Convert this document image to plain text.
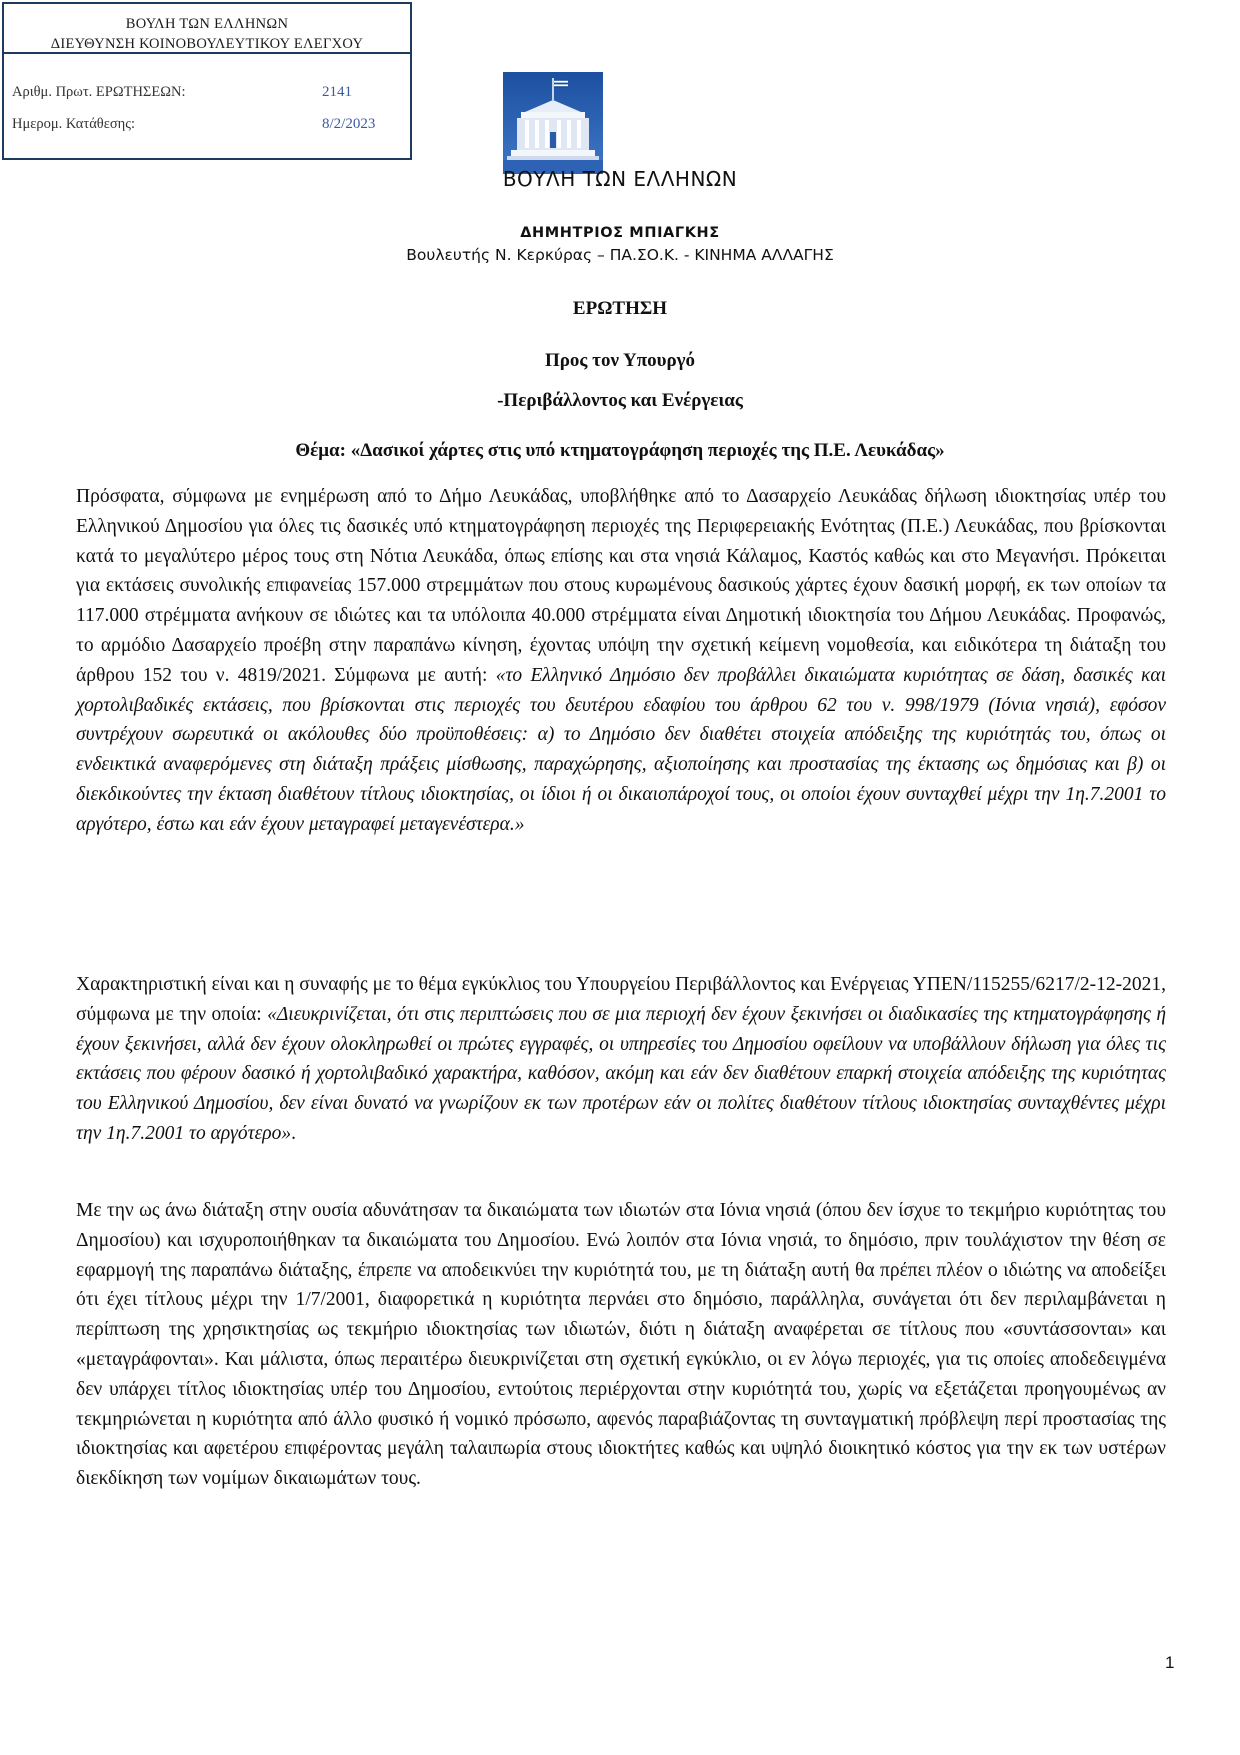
ΒΟΥΛΗ ΤΩΝ ΕΛΛΗΝΩΝ
ΔΙΕΥΘΥΝΣΗ ΚΟΙΝΟΒΟΥΛΕΥΤΙΚΟΥ ΕΛΕΓΧΟΥ
Αριθμ. Πρωτ. ΕΡΩΤΗΣΕΩΝ:	2141
Ημερομ. Κατάθεσης:	8/2/2023
ΒΟΥΛΗ ΤΩΝ ΕΛΛΗΝΩΝ
ΔΗΜΗΤΡΙΟΣ ΜΠΙΑΓΚΗΣ
Βουλευτής Ν. Κερκύρας – ΠΑ.ΣΟ.Κ. - ΚΙΝΗΜΑ ΑΛΛΑΓΗΣ
ΕΡΩΤΗΣΗ
Προς τον Υπουργό
-Περιβάλλοντος και Ενέργειας
Θέμα: «Δασικοί χάρτες στις υπό κτηματογράφηση περιοχές της Π.Ε. Λευκάδας»

Πρόσφατα, σύμφωνα με ενημέρωση από το Δήμο Λευκάδας, υποβλήθηκε από το Δασαρχείο Λευκάδας δήλωση ιδιοκτησίας υπέρ του Ελληνικού Δημοσίου για όλες τις δασικές υπό κτηματογράφηση περιοχές της Περιφερειακής Ενότητας (Π.Ε.) Λευκάδας, που βρίσκονται κατά το μεγαλύτερο μέρος τους στη Νότια Λευκάδα, όπως επίσης και στα νησιά Κάλαμος, Καστός καθώς και στο Μεγανήσι. Πρόκειται για εκτάσεις συνολικής επιφανείας 157.000 στρεμμάτων που στους κυρωμένους δασικούς χάρτες έχουν δασική μορφή, εκ των οποίων τα 117.000 στρέμματα ανήκουν σε ιδιώτες και τα υπόλοιπα 40.000 στρέμματα είναι Δημοτική ιδιοκτησία του Δήμου Λευκάδας. Προφανώς, το αρμόδιο Δασαρχείο προέβη στην παραπάνω κίνηση, έχοντας υπόψη την σχετική κείμενη νομοθεσία, και ειδικότερα τη διάταξη του άρθρου 152 του ν. 4819/2021. Σύμφωνα με αυτή: «το Ελληνικό Δημόσιο δεν προβάλλει δικαιώματα κυριότητας σε δάση, δασικές και χορτολιβαδικές εκτάσεις, που βρίσκονται στις περιοχές του δευτέρου εδαφίου του άρθρου 62 του ν. 998/1979 (Ιόνια νησιά), εφόσον συντρέχουν σωρευτικά οι ακόλουθες δύο προϋποθέσεις: α) το Δημόσιο δεν διαθέτει στοιχεία απόδειξης της κυριότητάς του, όπως οι ενδεικτικά αναφερόμενες στη διάταξη πράξεις μίσθωσης, παραχώρησης, αξιοποίησης και προστασίας της έκτασης ως δημόσιας και β) οι διεκδικούντες την έκταση διαθέτουν τίτλους ιδιοκτησίας, οι ίδιοι ή οι δικαιοπάροχοί τους, οι οποίοι έχουν συνταχθεί μέχρι την 1η.7.2001 το αργότερο, έστω και εάν έχουν μεταγραφεί μεταγενέστερα.»

Χαρακτηριστική είναι και η συναφής με το θέμα εγκύκλιος του Υπουργείου Περιβάλλοντος και Ενέργειας ΥΠΕΝ/115255/6217/2-12-2021, σύμφωνα με την οποία: «Διευκρινίζεται, ότι στις περιπτώσεις που σε μια περιοχή δεν έχουν ξεκινήσει οι διαδικασίες της κτηματογράφησης ή έχουν ξεκινήσει, αλλά δεν έχουν ολοκληρωθεί οι πρώτες εγγραφές, οι υπηρεσίες του Δημοσίου οφείλουν να υποβάλλουν δήλωση για όλες τις εκτάσεις που φέρουν δασικό ή χορτολιβαδικό χαρακτήρα, καθόσον, ακόμη και εάν δεν διαθέτουν επαρκή στοιχεία απόδειξης της κυριότητας του Ελληνικού Δημοσίου, δεν είναι δυνατό να γνωρίζουν εκ των προτέρων εάν οι πολίτες διαθέτουν τίτλους ιδιοκτησίας συνταχθέντες μέχρι την 1η.7.2001 το αργότερο».

Με την ως άνω διάταξη στην ουσία αδυνάτησαν τα δικαιώματα των ιδιωτών στα Ιόνια νησιά (όπου δεν ίσχυε το τεκμήριο κυριότητας του Δημοσίου) και ισχυροποιήθηκαν τα δικαιώματα του Δημοσίου. Ενώ λοιπόν στα Ιόνια νησιά, το δημόσιο, πριν τουλάχιστον την θέση σε εφαρμογή της παραπάνω διάταξης, έπρεπε να αποδεικνύει την κυριότητά του, με τη διάταξη αυτή θα πρέπει πλέον ο ιδιώτης να αποδείξει ότι έχει τίτλους μέχρι την 1/7/2001, διαφορετικά η κυριότητα περνάει στο δημόσιο, παράλληλα, συνάγεται ότι δεν περιλαμβάνεται η περίπτωση της χρησικτησίας ως τεκμήριο ιδιοκτησίας των ιδιωτών, διότι η διάταξη αναφέρεται σε τίτλους που «συντάσσονται» και «μεταγράφονται». Και μάλιστα, όπως περαιτέρω διευκρινίζεται στη σχετική εγκύκλιο, οι εν λόγω περιοχές, για τις οποίες αποδεδειγμένα δεν υπάρχει τίτλος ιδιοκτησίας υπέρ του Δημοσίου, εντούτοις περιέρχονται στην κυριότητά του, χωρίς να εξετάζεται προηγουμένως αν τεκμηριώνεται η κυριότητα από άλλο φυσικό ή νομικό πρόσωπο, αφενός παραβιάζοντας τη συνταγματική πρόβλεψη περί προστασίας της ιδιοκτησίας και αφετέρου επιφέροντας μεγάλη ταλαιπωρία στους ιδιοκτήτες καθώς και υψηλό διοικητικό κόστος για την εκ των υστέρων διεκδίκηση των νομίμων δικαιωμάτων τους.

1
